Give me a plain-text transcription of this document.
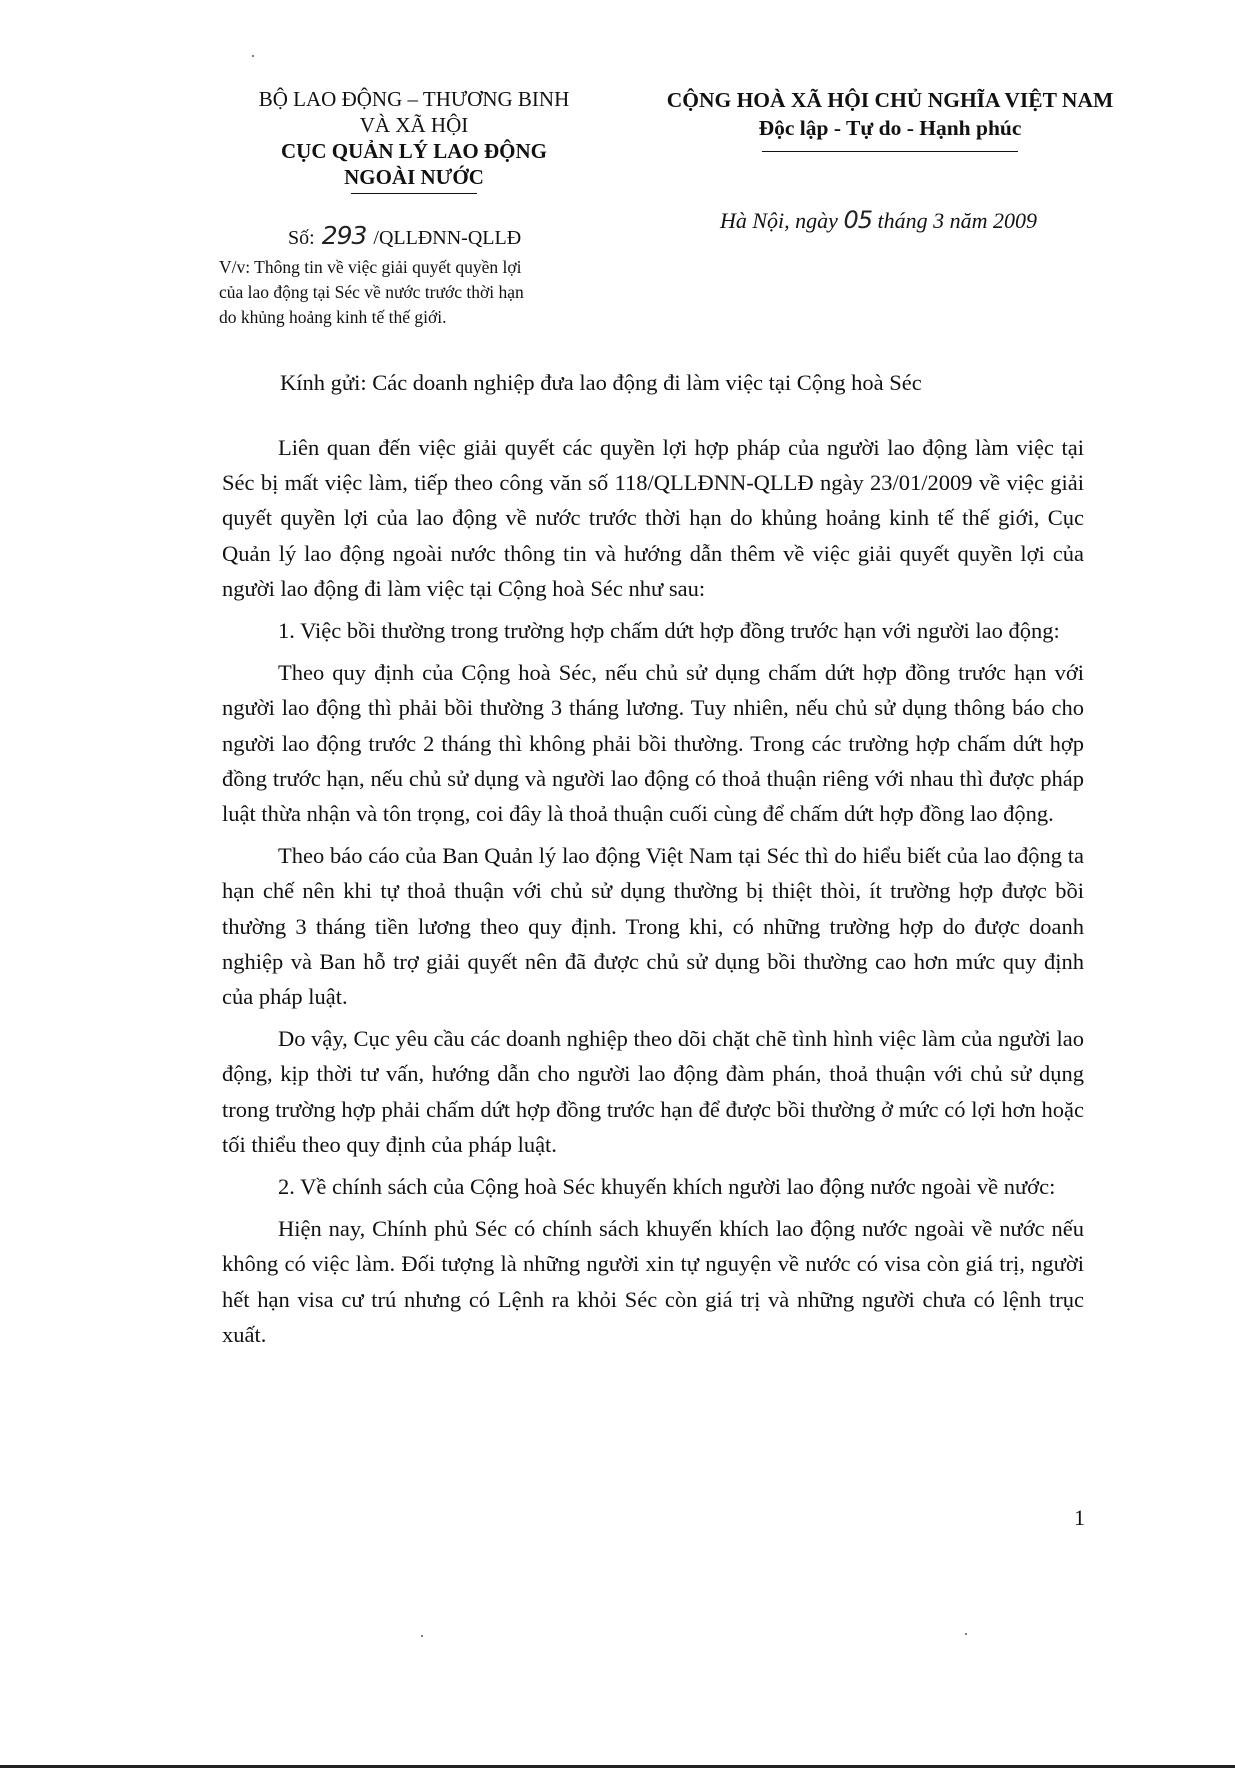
BỘ LAO ĐỘNG – THƯƠNG BINH
VÀ XÃ HỘI
CỤC QUẢN LÝ LAO ĐỘNG
NGOÀI NƯỚC
CỘNG HOÀ XÃ HỘI CHỦ NGHĨA VIỆT NAM
Độc lập - Tự do - Hạnh phúc
Hà Nội, ngày 05 tháng 3 năm 2009
Số: 293 /QLLĐNN-QLLĐ
V/v: Thông tin về việc giải quyết quyền lợi
của lao động tại Séc về nước trước thời hạn
do khủng hoảng kinh tế thế giới.
Kính gửi: Các doanh nghiệp đưa lao động đi làm việc tại Cộng hoà Séc

Liên quan đến việc giải quyết các quyền lợi hợp pháp của người lao động làm việc tại Séc bị mất việc làm, tiếp theo công văn số 118/QLLĐNN-QLLĐ ngày 23/01/2009 về việc giải quyết quyền lợi của lao động về nước trước thời hạn do khủng hoảng kinh tế thế giới, Cục Quản lý lao động ngoài nước thông tin và hướng dẫn thêm về việc giải quyết quyền lợi của người lao động đi làm việc tại Cộng hoà Séc như sau:

1. Việc bồi thường trong trường hợp chấm dứt hợp đồng trước hạn với người lao động:

Theo quy định của Cộng hoà Séc, nếu chủ sử dụng chấm dứt hợp đồng trước hạn với người lao động thì phải bồi thường 3 tháng lương. Tuy nhiên, nếu chủ sử dụng thông báo cho người lao động trước 2 tháng thì không phải bồi thường. Trong các trường hợp chấm dứt hợp đồng trước hạn, nếu chủ sử dụng và người lao động có thoả thuận riêng với nhau thì được pháp luật thừa nhận và tôn trọng, coi đây là thoả thuận cuối cùng để chấm dứt hợp đồng lao động.

Theo báo cáo của Ban Quản lý lao động Việt Nam tại Séc thì do hiểu biết của lao động ta hạn chế nên khi tự thoả thuận với chủ sử dụng thường bị thiệt thòi, ít trường hợp được bồi thường 3 tháng tiền lương theo quy định. Trong khi, có những trường hợp do được doanh nghiệp và Ban hỗ trợ giải quyết nên đã được chủ sử dụng bồi thường cao hơn mức quy định của pháp luật.

Do vậy, Cục yêu cầu các doanh nghiệp theo dõi chặt chẽ tình hình việc làm của người lao động, kịp thời tư vấn, hướng dẫn cho người lao động đàm phán, thoả thuận với chủ sử dụng trong trường hợp phải chấm dứt hợp đồng trước hạn để được bồi thường ở mức có lợi hơn hoặc tối thiểu theo quy định của pháp luật.

2. Về chính sách của Cộng hoà Séc khuyến khích người lao động nước ngoài về nước:

Hiện nay, Chính phủ Séc có chính sách khuyến khích lao động nước ngoài về nước nếu không có việc làm. Đối tượng là những người xin tự nguyện về nước có visa còn giá trị, người hết hạn visa cư trú nhưng có Lệnh ra khỏi Séc còn giá trị và những người chưa có lệnh trục xuất.

1
